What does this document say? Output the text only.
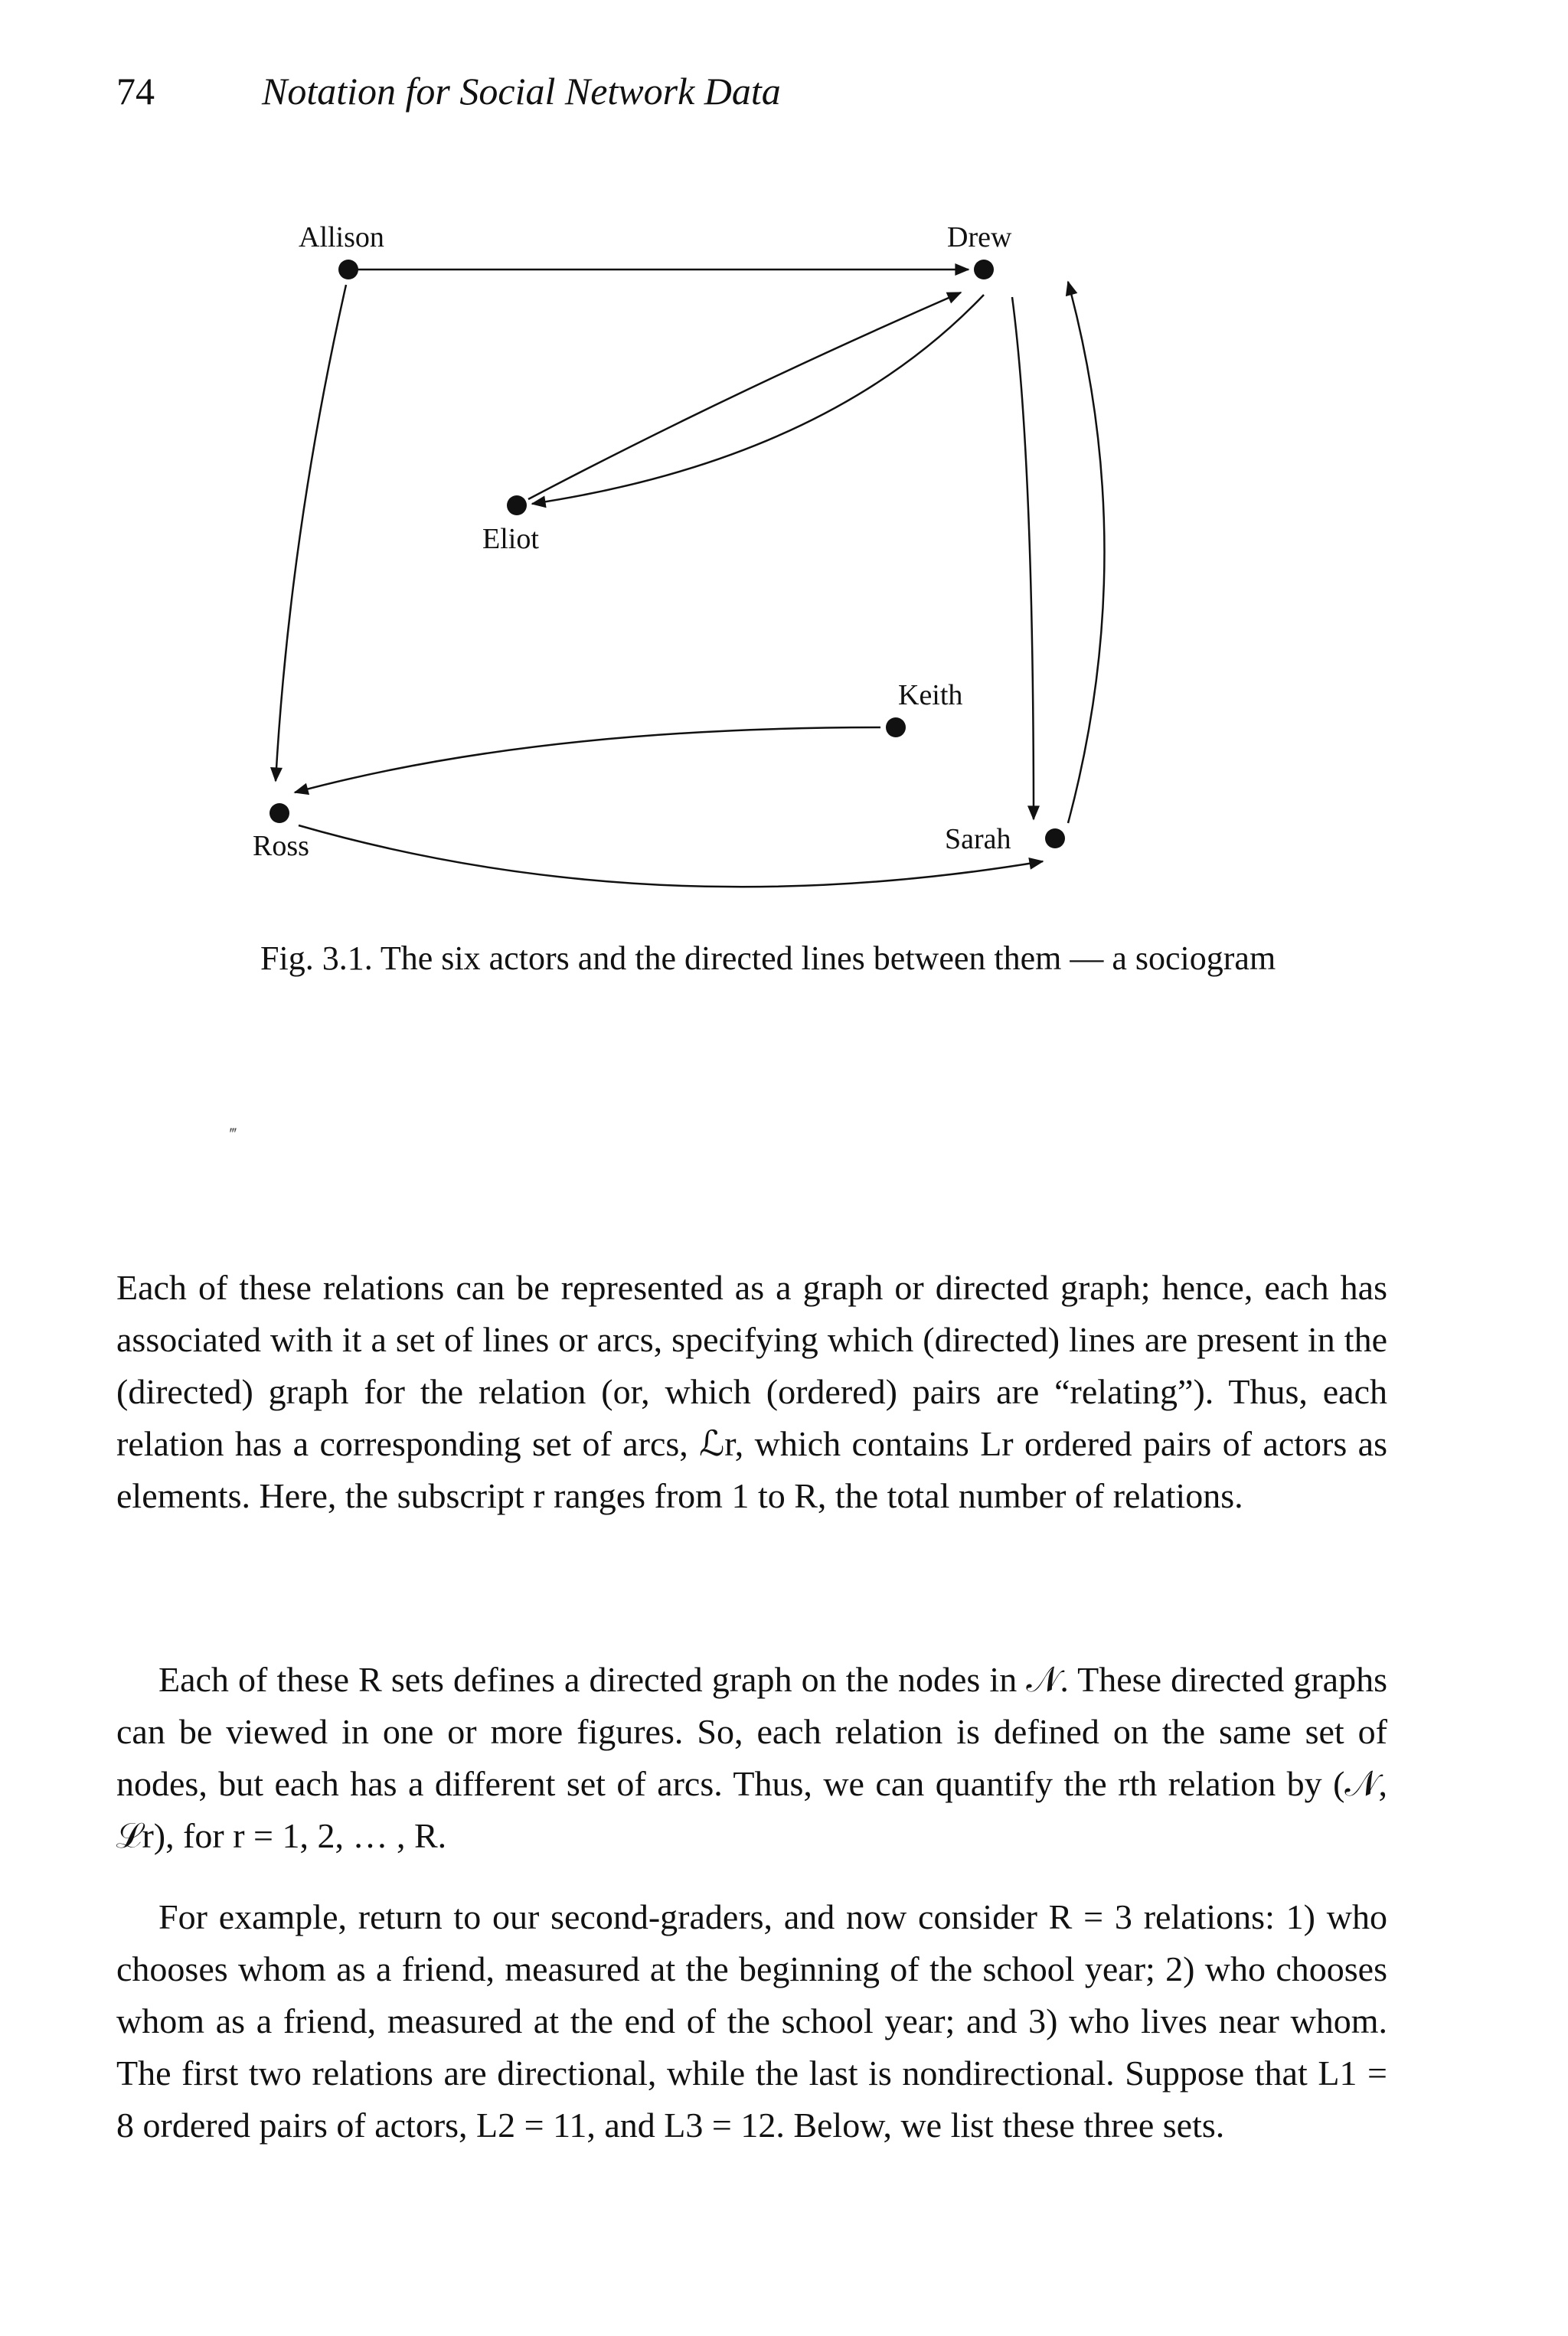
74	Notation for Social Network Data
Allison	Drew
Eliot
Keith
Ross	Sarah
Fig. 3.1. The six actors and the directed lines between them — a sociogram
‴

Each of these relations can be represented as a graph or directed graph; hence, each has associated with it a set of lines or arcs, specifying which (directed) lines are present in the (directed) graph for the relation (or, which (ordered) pairs are “relating”). Thus, each relation has a corresponding set of arcs, ℒr, which contains Lr ordered pairs of actors as elements. Here, the subscript r ranges from 1 to R, the total number of relations.

Each of these R sets defines a directed graph on the nodes in 𝒩. These directed graphs can be viewed in one or more figures. So, each relation is defined on the same set of nodes, but each has a different set of arcs. Thus, we can quantify the rth relation by (𝒩, ℒr), for r = 1, 2, … , R.

For example, return to our second-graders, and now consider R = 3 relations: 1) who chooses whom as a friend, measured at the beginning of the school year; 2) who chooses whom as a friend, measured at the end of the school year; and 3) who lives near whom. The first two relations are directional, while the last is nondirectional. Suppose that L1 = 8 ordered pairs of actors, L2 = 11, and L3 = 12. Below, we list these three sets.
